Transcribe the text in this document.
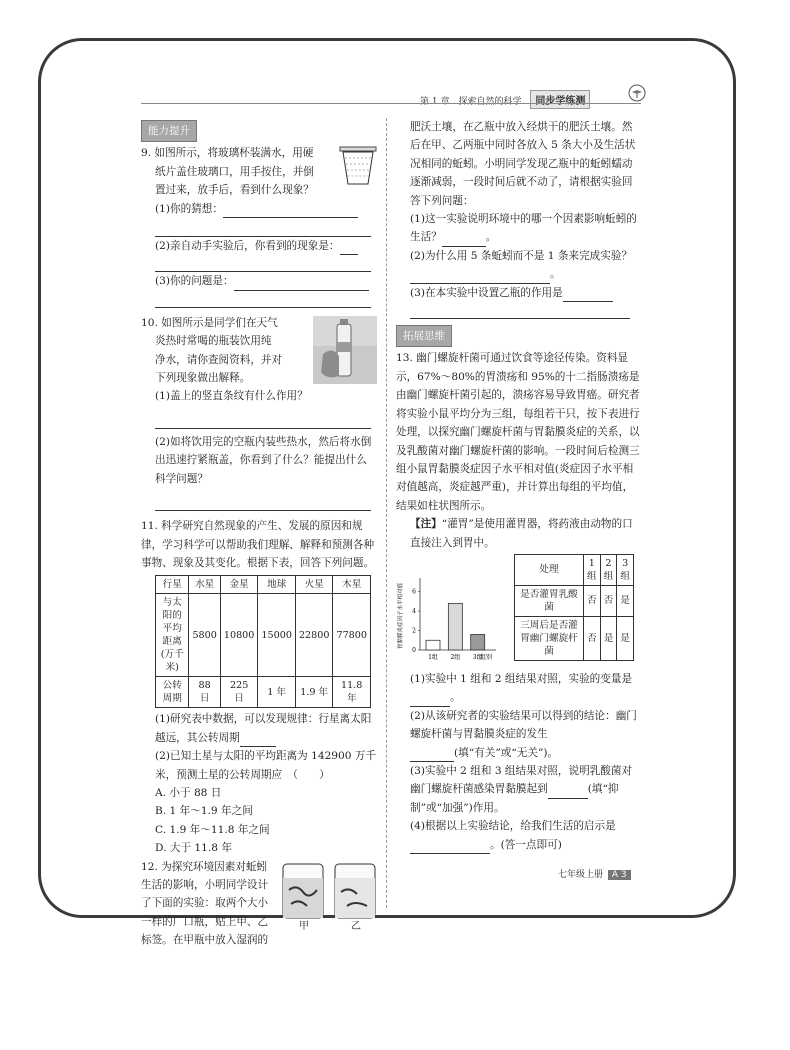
第 1 章　探索自然的科学 同步学练测
能力提升

9. 如图所示，将玻璃杯装满水，用硬

纸片盖住玻璃口，用手按住，并倒

置过来，放手后，看到什么现象？

(1)你的猜想：

(2)亲自动手实验后，你看到的现象是：

(3)你的问题是：

10. 如图所示是同学们在天气

炎热时常喝的瓶装饮用纯

净水，请你查阅资料，并对

下列现象做出解释。

(1)盖上的竖直条纹有什么作用？

(2)如将饮用完的空瓶内装些热水，然后将水倒出迅速拧紧瓶盖，你看到了什么？能提出什么科学问题？

11. 科学研究自然现象的产生、发展的原因和规律，学习科学可以帮助我们理解、解释和预测各种事物、现象及其变化。根据下表，回答下列问题。

行星	水星	金星	地球	火星	木星
与太阳的平均距离(万千米)	5800	10800	15000	22800	77800
公转周期	88 日	225 日	1 年	1.9 年	11.8 年

(1)研究表中数据，可以发现规律：行星离太阳越远，其公转周期

(2)已知土星与太阳的平均距离为 142900 万千米，预测土星的公转周期应　（　　）

A. 小于 88 日

B. 1 年～1.9 年之间

C. 1.9 年～11.8 年之间

D. 大于 11.8 年

甲	乙

12. 为探究环境因素对蚯蚓生活的影响，小明同学设计了下面的实验：取两个大小一样的广口瓶，贴上甲、乙标签。在甲瓶中放入湿润的

肥沃土壤，在乙瓶中放入经烘干的肥沃土壤。然后在甲、乙两瓶中同时各放入 5 条大小及生活状况相同的蚯蚓。小明同学发现乙瓶中的蚯蚓蠕动逐渐减弱，一段时间后就不动了，请根据实验回答下列问题：

(1)这一实验说明环境中的哪一个因素影响蚯蚓的生活？	。

(2)为什么用 5 条蚯蚓而不是 1 条来完成实验？。

(3)在本实验中设置乙瓶的作用是

拓展思维

13. 幽门螺旋杆菌可通过饮食等途径传染。资料显示，67%～80%的胃溃疡和 95%的十二指肠溃疡是由幽门螺旋杆菌引起的，溃疡容易导致胃癌。研究者将实验小鼠平均分为三组，每组若干只，按下表进行处理，以探究幽门螺旋杆菌与胃黏膜炎症的关系，以及乳酸菌对幽门螺旋杆菌的影响。一段时间后检测三组小鼠胃黏膜炎症因子水平相对值(炎症因子水平相对值越高，炎症越严重)，并计算出每组的平均值，结果如柱状图所示。

【注】“灌胃”是使用灌胃器，将药液由动物的口直接注入到胃中。

胃黏膜炎症因子水平相对值
0
2
4
6
1组 2组 3组
组别
处理	1 组	2 组	3 组
是否灌胃乳酸菌	否	否	是
三周后是否灌胃幽门螺旋杆菌	否	是	是

(1)实验中 1 组和 2 组结果对照，实验的变量是。

(2)从该研究者的实验结果可以得到的结论：幽门螺旋杆菌与胃黏膜炎症的发生
(填“有关”或“无关”)。

(3)实验中 2 组和 3 组结果对照，说明乳酸菌对幽门螺旋杆菌感染胃黏膜起到	(填“抑制”或“加强”)作用。

(4)根据以上实验结论，给我们生活的启示是。(答一点即可)

七年级上册 A 3
